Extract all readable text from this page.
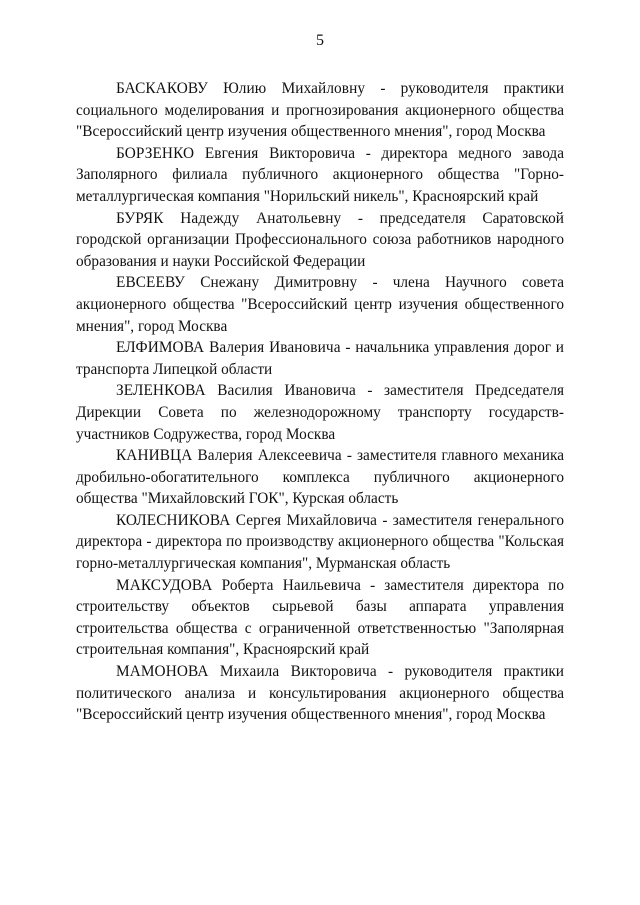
5

БАСКАКОВУ Юлию Михайловну - руководителя практики социального моделирования и прогнозирования акционерного общества "Всероссийский центр изучения общественного мнения", город Москва

БОРЗЕНКО Евгения Викторовича - директора медного завода Заполярного филиала публичного акционерного общества "Горно-металлургическая компания "Норильский никель", Красноярский край

БУРЯК Надежду Анатольевну - председателя Саратовской городской организации Профессионального союза работников народного образования и науки Российской Федерации

ЕВСЕЕВУ Снежану Димитровну - члена Научного совета акционерного общества "Всероссийский центр изучения общественного мнения", город Москва

ЕЛФИМОВА Валерия Ивановича - начальника управления дорог и транспорта Липецкой области

ЗЕЛЕНКОВА Василия Ивановича - заместителя Председателя Дирекции Совета по железнодорожному транспорту государств-участников Содружества, город Москва

КАНИВЦА Валерия Алексеевича - заместителя главного механика дробильно-обогатительного комплекса публичного акционерного общества "Михайловский ГОК", Курская область

КОЛЕСНИКОВА Сергея Михайловича - заместителя генерального директора - директора по производству акционерного общества "Кольская горно-металлургическая компания", Мурманская область

МАКСУДОВА Роберта Наильевича - заместителя директора по строительству объектов сырьевой базы аппарата управления строительства общества с ограниченной ответственностью "Заполярная строительная компания", Красноярский край

МАМОНОВА Михаила Викторовича - руководителя практики политического анализа и консультирования акционерного общества "Всероссийский центр изучения общественного мнения", город Москва
